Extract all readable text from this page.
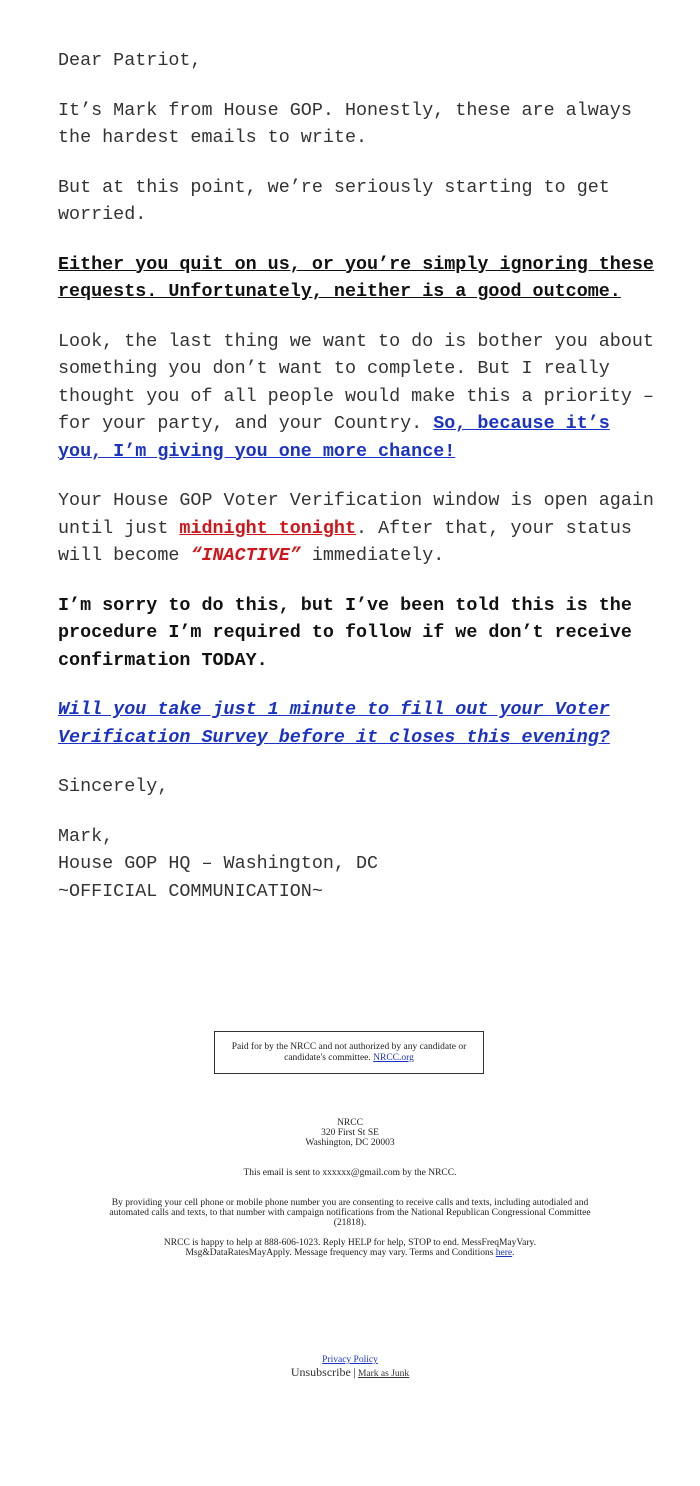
Dear Patriot,

It’s Mark from House GOP. Honestly, these are always the hardest emails to write.

But at this point, we’re seriously starting to get worried.

Either you quit on us, or you’re simply ignoring these requests. Unfortunately, neither is a good outcome.

Look, the last thing we want to do is bother you about something you don’t want to complete. But I really thought you of all people would make this a priority – for your party, and your Country. So, because it’s you, I’m giving you one more chance!

Your House GOP Voter Verification window is open again until just midnight tonight. After that, your status will become “INACTIVE” immediately.

I’m sorry to do this, but I’ve been told this is the procedure I’m required to follow if we don’t receive confirmation TODAY.

Will you take just 1 minute to fill out your Voter Verification Survey before it closes this evening?

Sincerely,

Mark,
House GOP HQ – Washington, DC
~OFFICIAL COMMUNICATION~

Paid for by the NRCC and not authorized by any candidate or candidate's committee. NRCC.org
NRCC
320 First St SE
Washington, DC 20003
This email is sent to xxxxxx@gmail.com by the NRCC.
By providing your cell phone or mobile phone number you are consenting to receive calls and texts, including autodialed and automated calls and texts, to that number with campaign notifications from the National Republican Congressional Committee (21818).
NRCC is happy to help at 888-606-1023. Reply HELP for help, STOP to end. MessFreqMayVary. Msg&DataRatesMayApply. Message frequency may vary. Terms and Conditions here.
Privacy Policy
Unsubscribe | Mark as Junk
